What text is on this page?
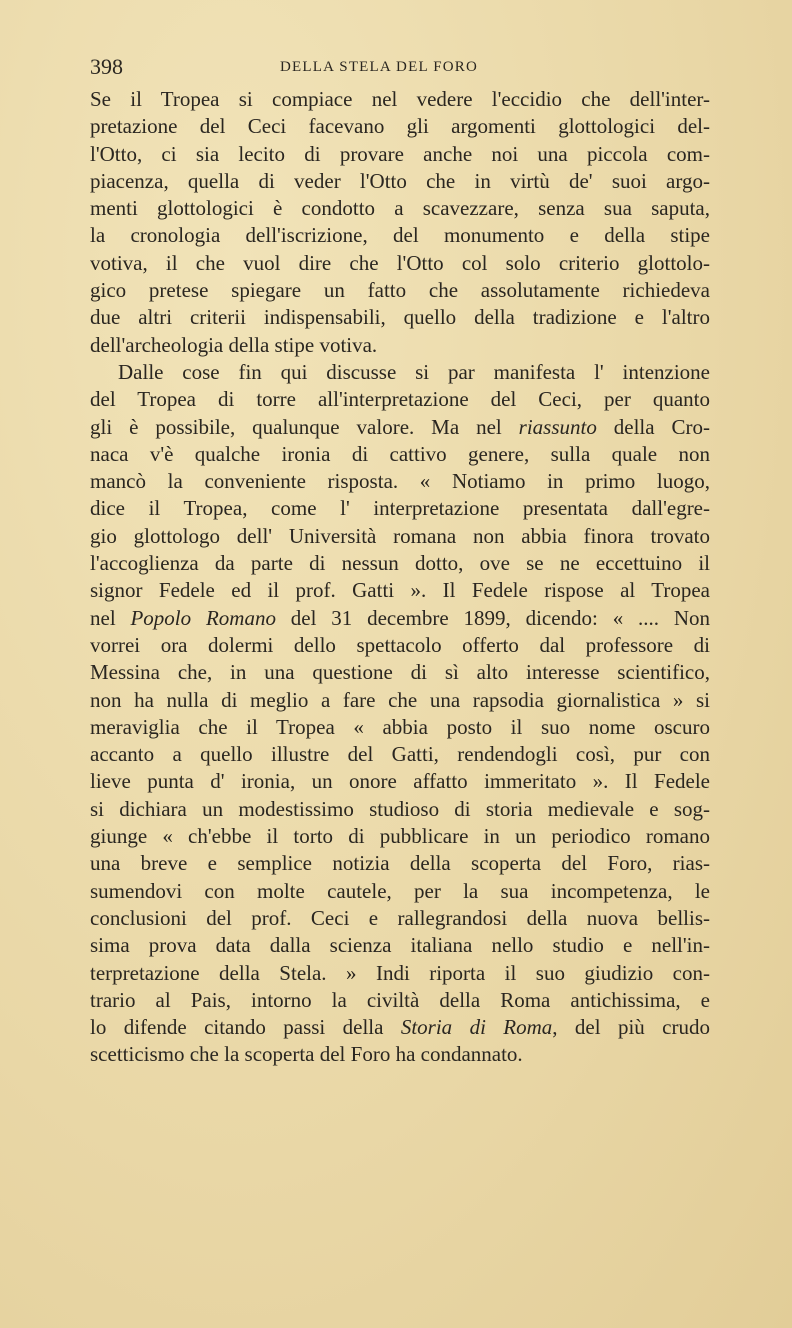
398	DELLA STELA DEL FORO
Se il Tropea si compiace nel vedere l'eccidio che dell'inter-
pretazione del Ceci facevano gli argomenti glottologici del-
l'Otto, ci sia lecito di provare anche noi una piccola com-
piacenza, quella di veder l'Otto che in virtù de' suoi argo-
menti glottologici è condotto a scavezzare, senza sua saputa,
la cronologia dell'iscrizione, del monumento e della stipe
votiva, il che vuol dire che l'Otto col solo criterio glottolo-
gico pretese spiegare un fatto che assolutamente richiedeva
due altri criterii indispensabili, quello della tradizione e l'altro
dell'archeologia della stipe votiva.
Dalle cose fin qui discusse si par manifesta l' intenzione
del Tropea di torre all'interpretazione del Ceci, per quanto
gli è possibile, qualunque valore. Ma nel riassunto della Cro-
naca v'è qualche ironia di cattivo genere, sulla quale non
mancò la conveniente risposta. « Notiamo in primo luogo,
dice il Tropea, come l' interpretazione presentata dall'egre-
gio glottologo dell' Università romana non abbia finora trovato
l'accoglienza da parte di nessun dotto, ove se ne eccettuino il
signor Fedele ed il prof. Gatti ». Il Fedele rispose al Tropea
nel Popolo Romano del 31 decembre 1899, dicendo: « .... Non
vorrei ora dolermi dello spettacolo offerto dal professore di
Messina che, in una questione di sì alto interesse scientifico,
non ha nulla di meglio a fare che una rapsodia giornalistica » si
meraviglia che il Tropea « abbia posto il suo nome oscuro
accanto a quello illustre del Gatti, rendendogli così, pur con
lieve punta d' ironia, un onore affatto immeritato ». Il Fedele
si dichiara un modestissimo studioso di storia medievale e sog-
giunge « ch'ebbe il torto di pubblicare in un periodico romano
una breve e semplice notizia della scoperta del Foro, rias-
sumendovi con molte cautele, per la sua incompetenza, le
conclusioni del prof. Ceci e rallegrandosi della nuova bellis-
sima prova data dalla scienza italiana nello studio e nell'in-
terpretazione della Stela. » Indi riporta il suo giudizio con-
trario al Pais, intorno la civiltà della Roma antichissima, e
lo difende citando passi della Storia di Roma, del più crudo
scetticismo che la scoperta del Foro ha condannato.
